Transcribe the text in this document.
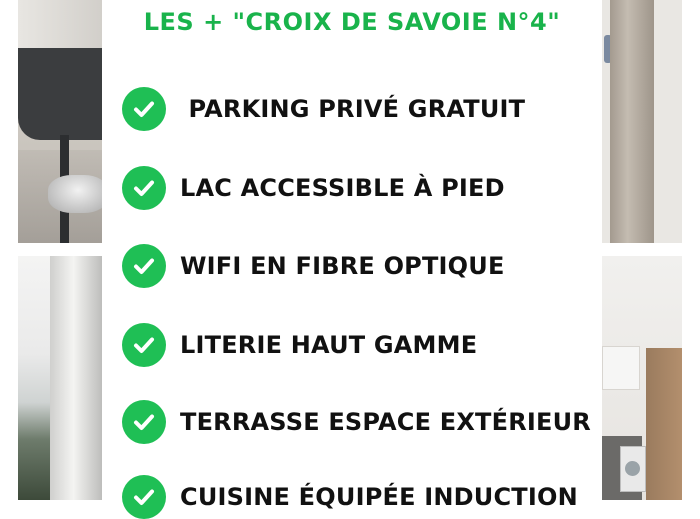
LES + "CROIX DE SAVOIE N°4"
PARKING PRIVÉ GRATUIT
LAC ACCESSIBLE À PIED
WIFI EN FIBRE OPTIQUE
LITERIE HAUT GAMME
TERRASSE ESPACE EXTÉRIEUR
CUISINE ÉQUIPÉE INDUCTION
